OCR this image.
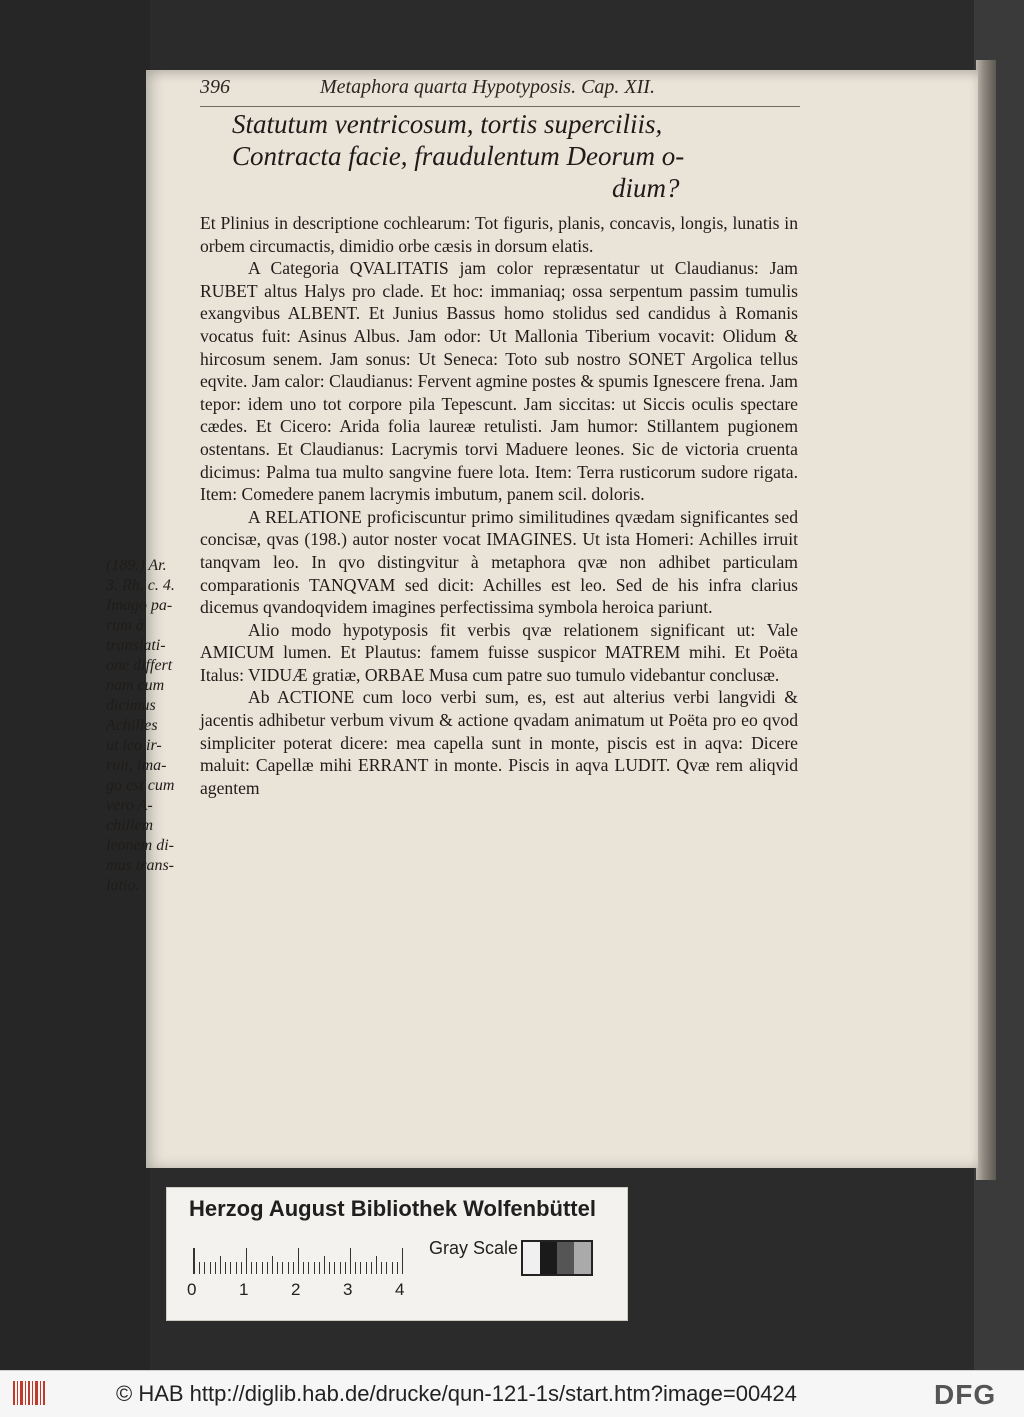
396	Metaphora quarta Hypotyposis. Cap. XII.
Statutum ventricosum, tortis superciliis,
Contracta facie, fraudulentum Deorum o-
dium?

Et Plinius in descriptione cochlearum: Tot figuris, planis, concavis, longis, lunatis in orbem circumactis, dimidio orbe cæsis in dorsum elatis.

A Categoria QVALITATIS jam color repræsentatur ut Claudianus: Jam RUBET altus Halys pro clade. Et hoc: immaniaq; ossa serpentum passim tumulis exangvibus ALBENT. Et Junius Bassus homo stolidus sed candidus à Romanis vocatus fuit: Asinus Albus. Jam odor: Ut Mallonia Tiberium vocavit: Olidum & hircosum senem. Jam sonus: Ut Seneca: Toto sub nostro SONET Argolica tellus eqvite. Jam calor: Claudianus: Fervent agmine postes & spumis Ignescere frena. Jam tepor: idem uno tot corpore pila Tepescunt. Jam siccitas: ut Siccis oculis spectare cædes. Et Cicero: Arida folia laureæ retulisti. Jam humor: Stillantem pugionem ostentans. Et Claudianus: Lacrymis torvi Maduere leones. Sic de victoria cruenta dicimus: Palma tua multo sangvine fuere lota. Item: Terra rusticorum sudore rigata. Item: Comedere panem lacrymis imbutum, panem scil. doloris.

A RELATIONE proficiscuntur primo similitudines qvædam significantes sed concisæ, qvas (198.) autor noster vocat IMAGINES. Ut ista Homeri: Achilles irruit tanqvam leo. In qvo distingvitur à metaphora qvæ non adhibet particulam comparationis TANQVAM sed dicit: Achilles est leo. Sed de his infra clarius dicemus qvandoqvidem imagines perfectissima symbola heroica pariunt.

Alio modo hypotyposis fit verbis qvæ relationem significant ut: Vale AMICUM lumen. Et Plautus: famem fuisse suspicor MATREM mihi. Et Poëta Italus: VIDUÆ gratiæ, ORBAE Musa cum patre suo tumulo videbantur conclusæ.

Ab ACTIONE cum loco verbi sum, es, est aut alterius verbi langvidi & jacentis adhibetur verbum vivum & actione qvadam animatum ut Poëta pro eo qvod simpliciter poterat dicere: mea capella sunt in monte, piscis est in aqva: Dicere maluit: Capellæ mihi ERRANT in monte. Piscis in aqva LUDIT. Qvæ rem aliqvid agentem

(189.) Ar.
3. Rh. c. 4.
Imago pa-
rum à
translati-
one differt
nam cum
dicimus
Achilles
ut leo ir-
ruit, ima-
go est cum
vero A-
chillem
leonem di-
mus trans-
latio.
Herzog August Bibliothek Wolfenbüttel
0	1	2	3	4
Gray Scale
© HAB http://diglib.hab.de/drucke/qun-121-1s/start.htm?image=00424	DFG
